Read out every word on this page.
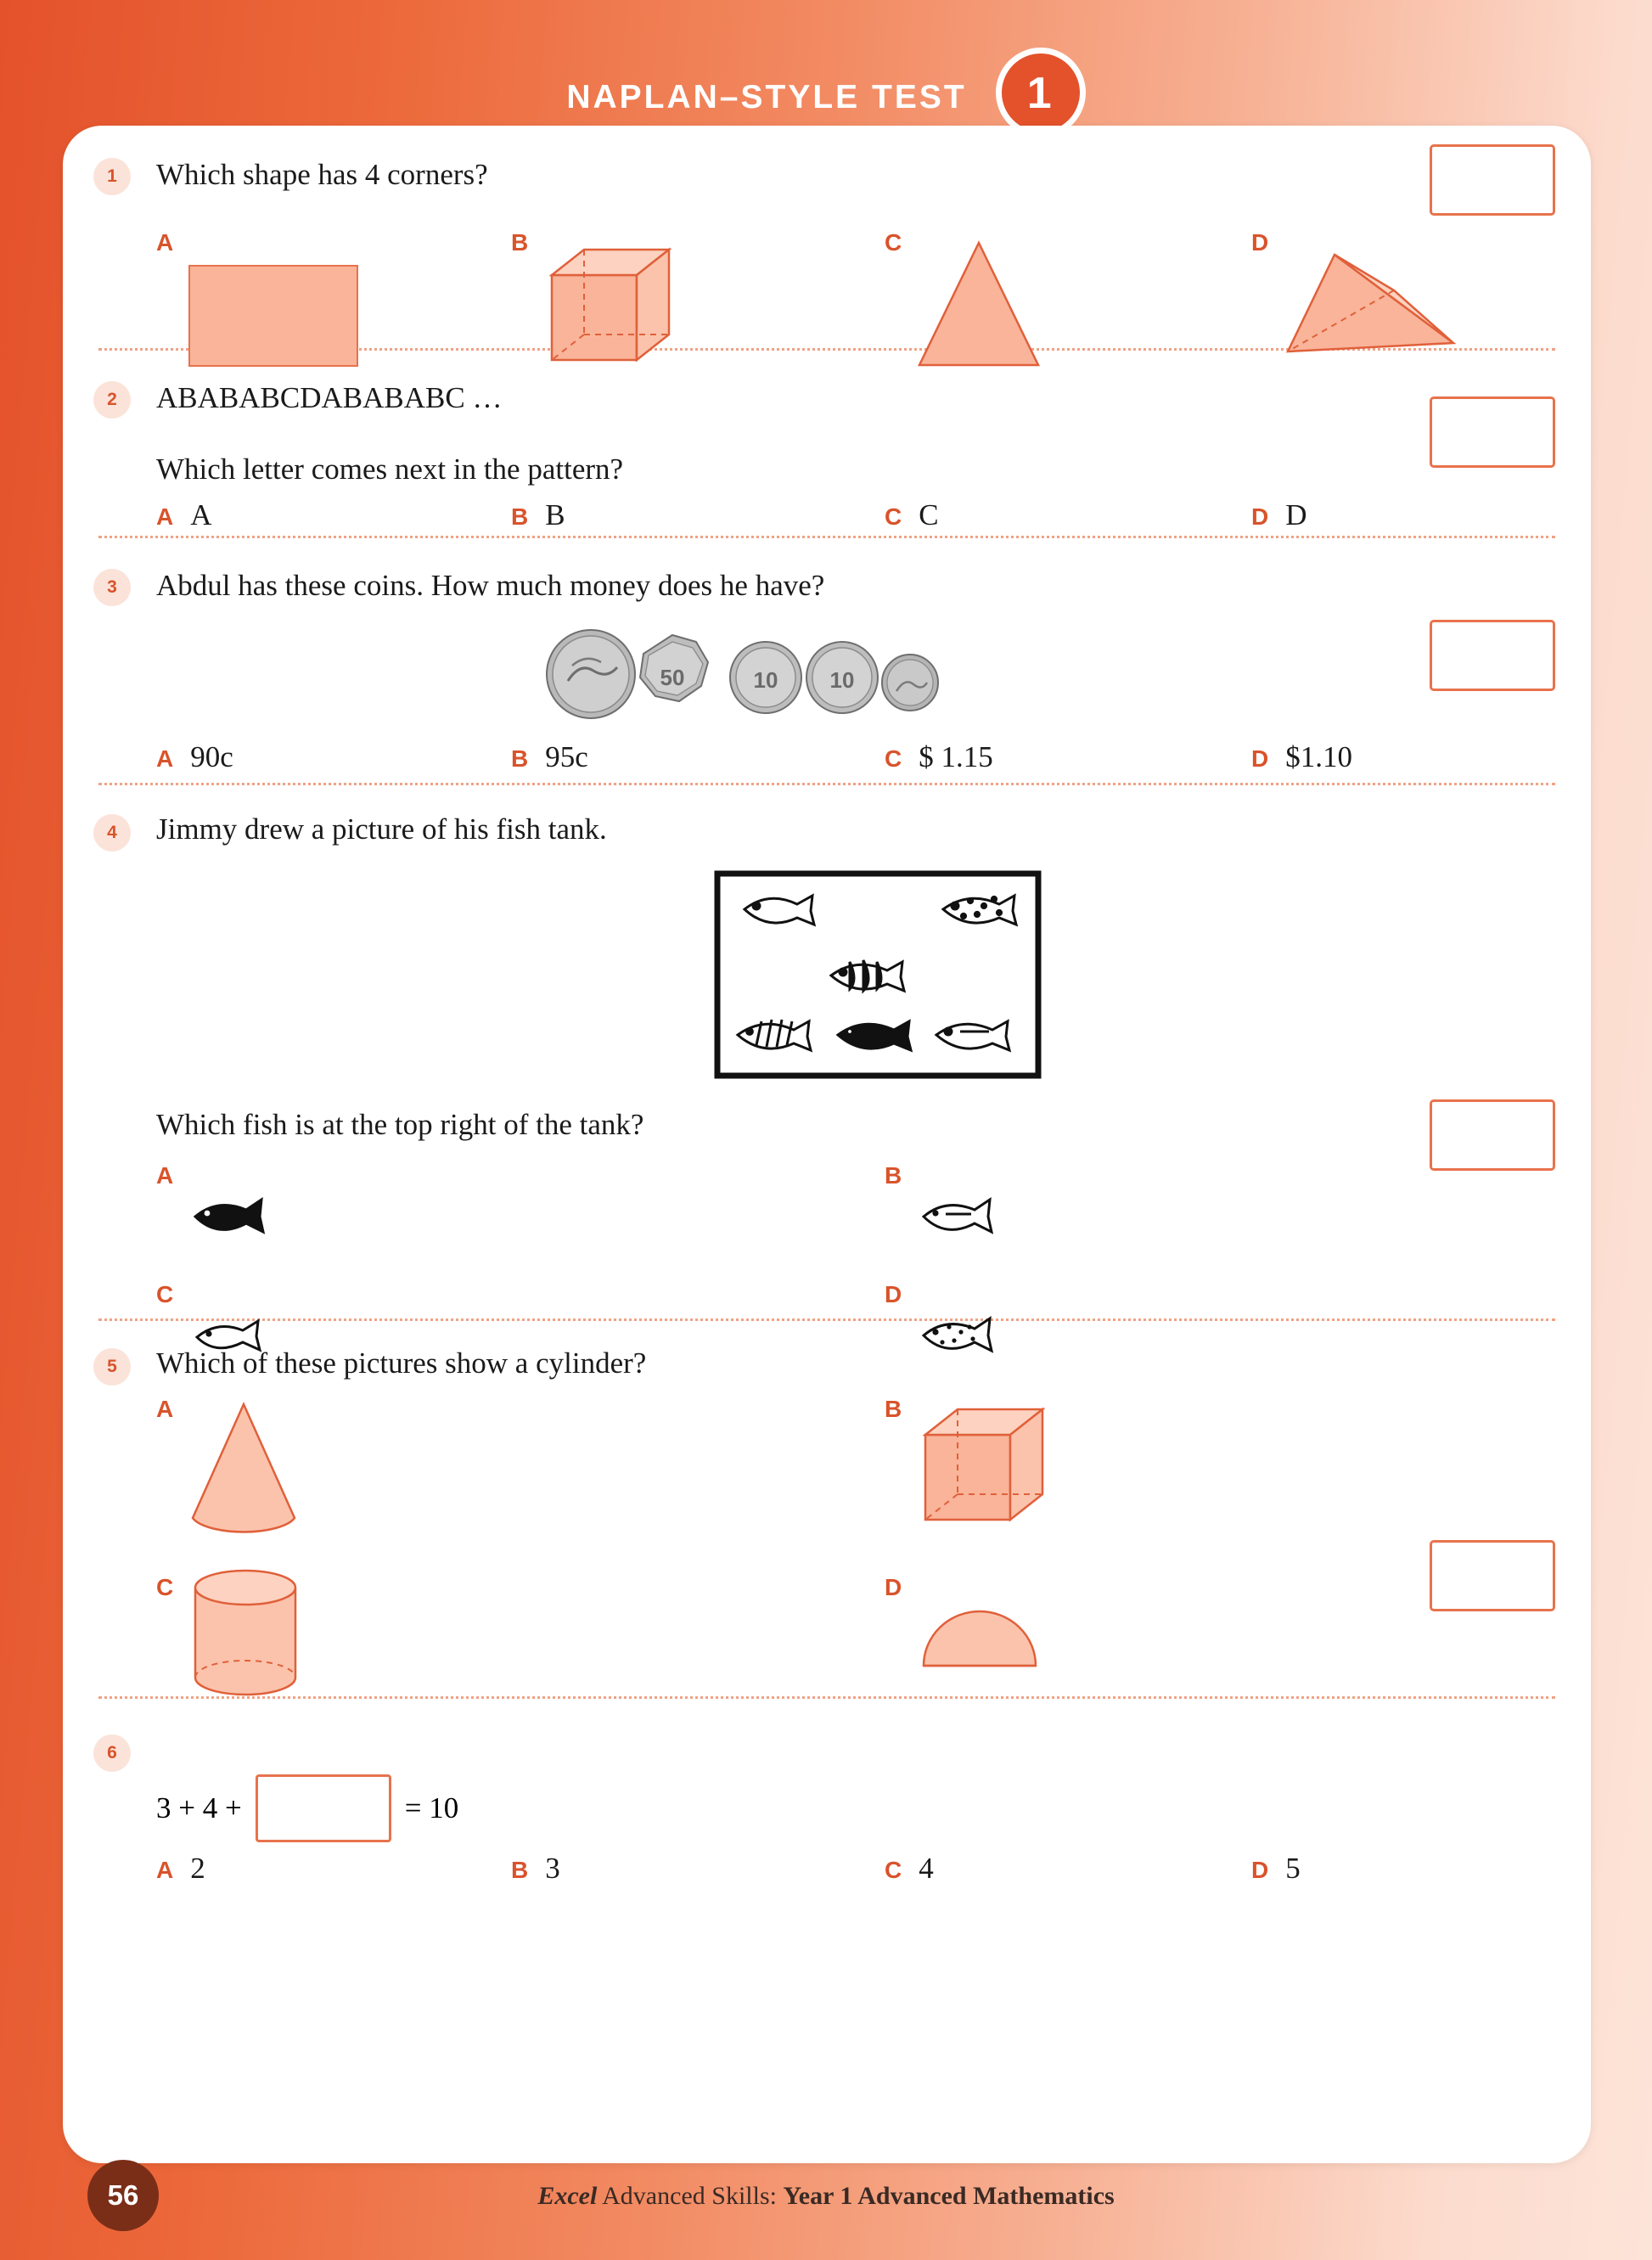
NAPLAN–STYLE TEST 1
1	Which shape has 4 corners?
A	B	C	D
2	ABABABCDABABABC …
Which letter comes next in the pattern?
A A	B B	C C	D D
3	Abdul has these coins. How much money does he have?
50	10 10
A 90c	B 95c	C $ 1.15	D $1.10
4	Jimmy drew a picture of his fish tank.
Which fish is at the top right of the tank?
A	B
C	D
5	Which of these pictures show a cylinder?
A	B
C	D
6
3 + 4 +	= 10
A 2	B 3	C 4	D 5
56	Excel Advanced Skills: Year 1 Advanced Mathematics
